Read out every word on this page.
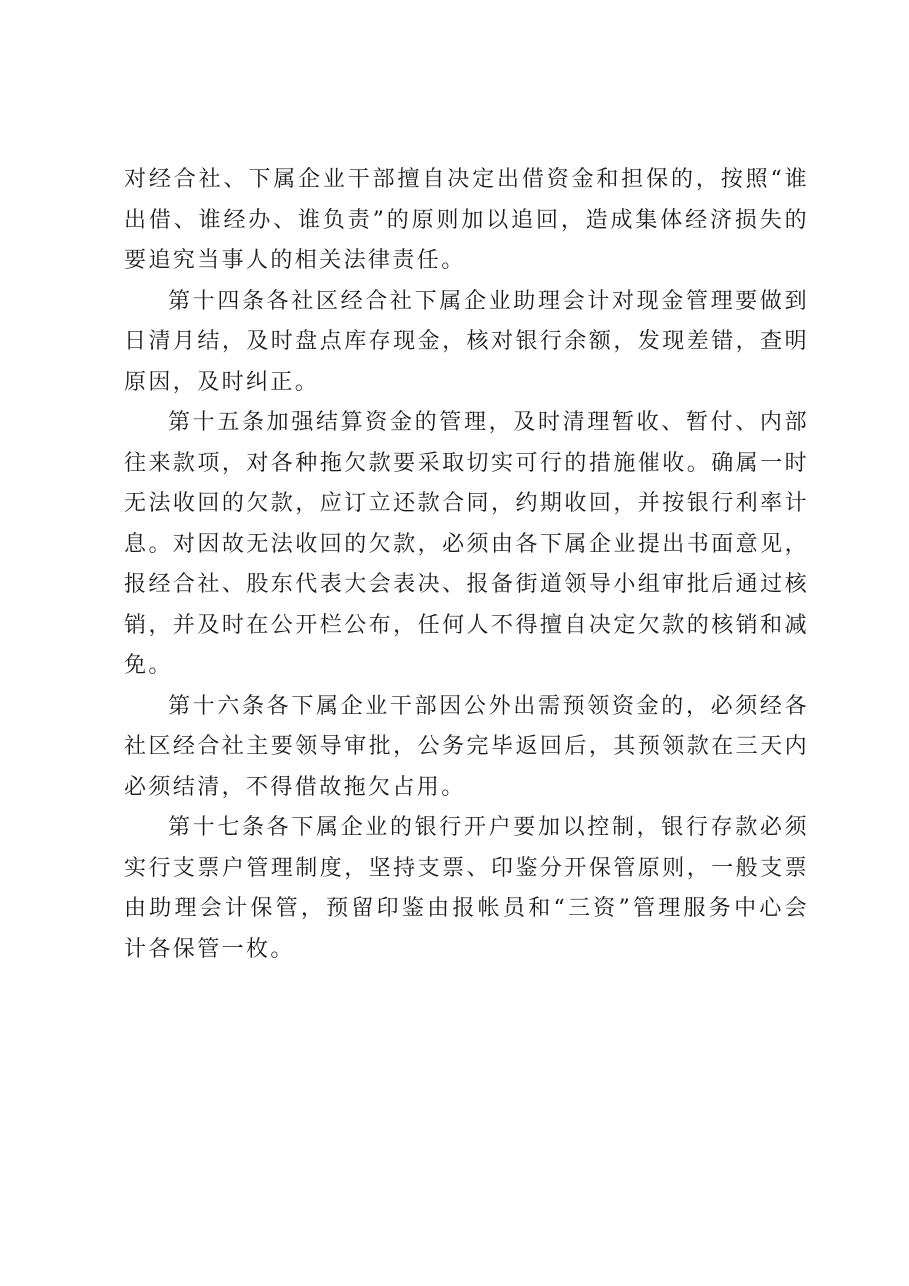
对经合社、下属企业干部擅自决定出借资金和担保的，按照“谁出借、谁经办、谁负责”的原则加以追回，造成集体经济损失的要追究当事人的相关法律责任。

第十四条各社区经合社下属企业助理会计对现金管理要做到日清月结，及时盘点库存现金，核对银行余额，发现差错，查明原因，及时纠正。

第十五条加强结算资金的管理，及时清理暂收、暂付、内部往来款项，对各种拖欠款要采取切实可行的措施催收。确属一时无法收回的欠款，应订立还款合同，约期收回，并按银行利率计息。对因故无法收回的欠款，必须由各下属企业提出书面意见，报经合社、股东代表大会表决、报备街道领导小组审批后通过核销，并及时在公开栏公布，任何人不得擅自决定欠款的核销和减免。

第十六条各下属企业干部因公外出需预领资金的，必须经各社区经合社主要领导审批，公务完毕返回后，其预领款在三天内必须结清，不得借故拖欠占用。

第十七条各下属企业的银行开户要加以控制，银行存款必须实行支票户管理制度，坚持支票、印鉴分开保管原则，一般支票由助理会计保管，预留印鉴由报帐员和“三资”管理服务中心会计各保管一枚。
